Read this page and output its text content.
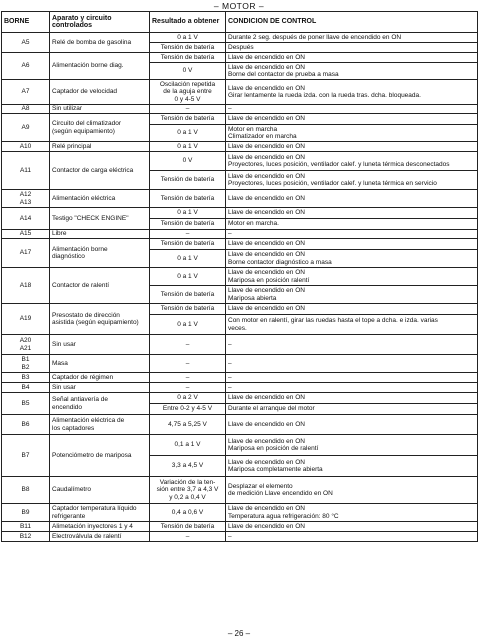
– MOTOR –
BORNE	Aparato y circuito controlados	Resultado a obtener	CONDICION DE CONTROL
A5	Relé de bomba de gasolina	0 a 1 V	Durante 2 seg. después de poner llave de encendido en ON
		Tensión de batería	Después
A6	Alimentación borne diag.	Tensión de batería	Llave de encendido en ON
		0 V	Llave de encendido en ON
Borne del contactor de prueba a masa
A7	Captador de velocidad	Oscilación repetida
de la aguja entre
0 y 4-5 V	Llave de encendido en ON
Girar lentamente la rueda izda. con la rueda tras. dcha. bloqueada.
A8	Sin utilizar	–	–
A9	Circuito del climatizador
(según equipamiento)	Tensión de batería	Llave de encendido en ON
		0 a 1 V	Motor en marcha
Climatizador en marcha
A10	Relé principal	0 a 1 V	Llave de encendido en ON
A11	Contactor de carga eléctrica	0 V	Llave de encendido en ON
Proyectores, luces posición, ventilador calef. y luneta térmica desconectados
		Tensión de batería	Llave de encendido en ON
Proyectores, luces posición, ventilador calef. y luneta térmica en servicio
A12
A13	Alimentación eléctrica	Tensión de batería	Llave de encendido en ON
A14	Testigo "CHECK ENGINE"	0 a 1 V	Llave de encendido en ON
		Tensión de batería	Motor en marcha.
A15	Libre	–	–
A17	Alimentación borne
diagnóstico	Tensión de batería	Llave de encendido en ON
		0 a 1 V	Llave de encendido en ON
Borne contactor diagnóstico a masa
A18	Contactor de ralentí	0 a 1 V	Llave de encendido en ON
Mariposa en posición ralentí
		Tensión de batería	Llave de encendido en ON
Mariposa abierta
A19	Presostato de dirección
asistida (según equipamiento)	Tensión de batería	Llave de encendido en ON
		0 a 1 V	Con motor en ralentí, girar las ruedas hasta el tope a dcha. e izda. varias
veces.
A20
A21	Sin usar	–	–
B1
B2	Masa	–	–
B3	Captador de régimen	–	–
B4	Sin usar	–	–
B5	Señal antiavería de
encendido	0 a 2 V	Llave de encendido en ON
		Entre 0-2 y 4-5 V	Durante el arranque del motor
B6	Alimentación eléctrica de
los captadores	4,75 a 5,25 V	Llave de encendido en ON
B7	Potenciómetro de mariposa	0,1 a 1 V	Llave de encendido en ON
Mariposa en posición de ralentí
		3,3 a 4,5 V	Llave de encendido en ON
Mariposa completamente abierta
B8	Caudalímetro	Variación de la ten-
sión entre 3,7 a 4,3 V
y 0,2 a 0,4 V	Desplazar el elemento
de medición Llave encendido en ON
B9	Captador temperatura líquido
refrigerante	0,4 a 0,6 V	Llave de encendido en ON
Temperatura agua refrigeración: 80 °C
B11	Alimetación inyectores 1 y 4	Tensión de batería	Llave de encendido en ON
B12	Electroválvula de ralentí	–	–
– 26 –
